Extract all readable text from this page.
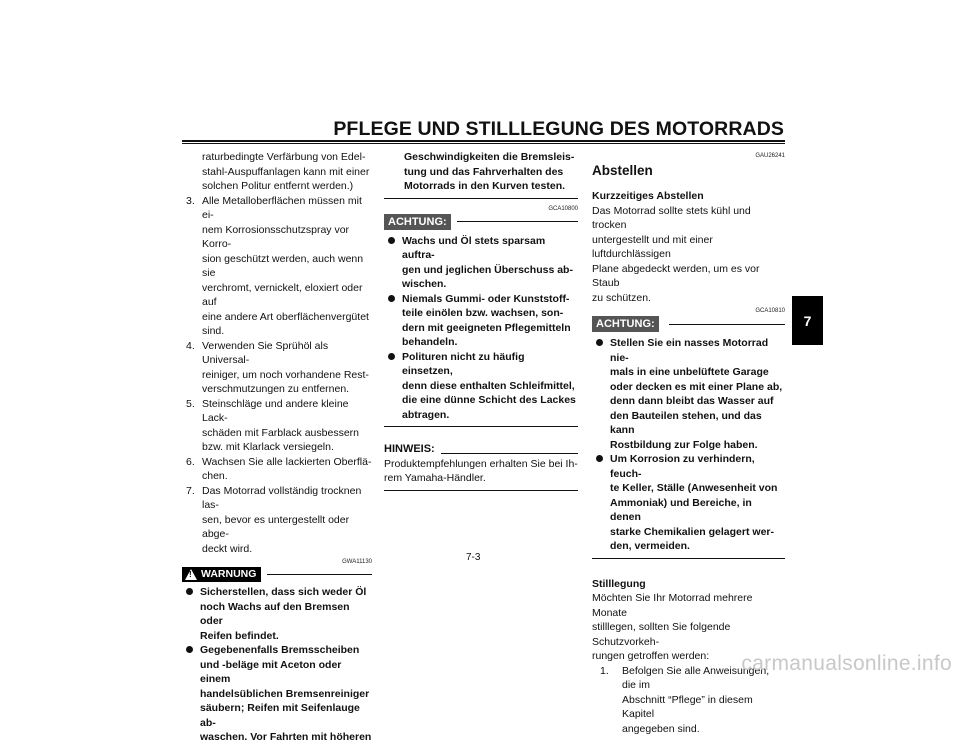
PFLEGE UND STILLLEGUNG DES MOTORRADS
raturbedingte Verfärbung von Edel-
stahl-Auspuffanlagen kann mit einer
solchen Politur entfernt werden.)
3. Alle Metalloberflächen müssen mit ei-
nem Korrosionsschutzspray vor Korro-
sion geschützt werden, auch wenn sie
verchromt, vernickelt, eloxiert oder auf
eine andere Art oberflächenvergütet
sind.
4. Verwenden Sie Sprühöl als Universal-
reiniger, um noch vorhandene Rest-
verschmutzungen zu entfernen.
5. Steinschläge und andere kleine Lack-
schäden mit Farblack ausbessern
bzw. mit Klarlack versiegeln.
6. Wachsen Sie alle lackierten Oberflä-
chen.
7. Das Motorrad vollständig trocknen las-
sen, bevor es untergestellt oder abge-
deckt wird.
GWA11130
! WARNUNG
Sicherstellen, dass sich weder Öl
noch Wachs auf den Bremsen oder
Reifen befindet.
Gegebenenfalls Bremsscheiben
und -beläge mit Aceton oder einem
handelsüblichen Bremsenreiniger
säubern; Reifen mit Seifenlauge ab-
waschen. Vor Fahrten mit höheren
Geschwindigkeiten die Bremsleis-
tung und das Fahrverhalten des
Motorrads in den Kurven testen.
GCA10800
ACHTUNG:
Wachs und Öl stets sparsam auftra-
gen und jeglichen Überschuss ab-
wischen.
Niemals Gummi- oder Kunststoff-
teile einölen bzw. wachsen, son-
dern mit geeigneten Pflegemitteln
behandeln.
Polituren nicht zu häufig einsetzen,
denn diese enthalten Schleifmittel,
die eine dünne Schicht des Lackes
abtragen.
HINWEIS:
Produktempfehlungen erhalten Sie bei Ih-
rem Yamaha-Händler.
GAU26241
Abstellen
Kurzzeitiges Abstellen
Das Motorrad sollte stets kühl und trocken
untergestellt und mit einer luftdurchlässigen
Plane abgedeckt werden, um es vor Staub
zu schützen.
GCA10810
ACHTUNG:
Stellen Sie ein nasses Motorrad nie-
mals in eine unbelüftete Garage
oder decken es mit einer Plane ab,
denn dann bleibt das Wasser auf
den Bauteilen stehen, und das kann
Rostbildung zur Folge haben.
Um Korrosion zu verhindern, feuch-
te Keller, Ställe (Anwesenheit von
Ammoniak) und Bereiche, in denen
starke Chemikalien gelagert wer-
den, vermeiden.
Stilllegung
Möchten Sie Ihr Motorrad mehrere Monate
stilllegen, sollten Sie folgende Schutzvorkeh-
rungen getroffen werden:
1. Befolgen Sie alle Anweisungen, die im
Abschnitt “Pflege” in diesem Kapitel
angegeben sind.
7
7-3
carmanualsonline.info
